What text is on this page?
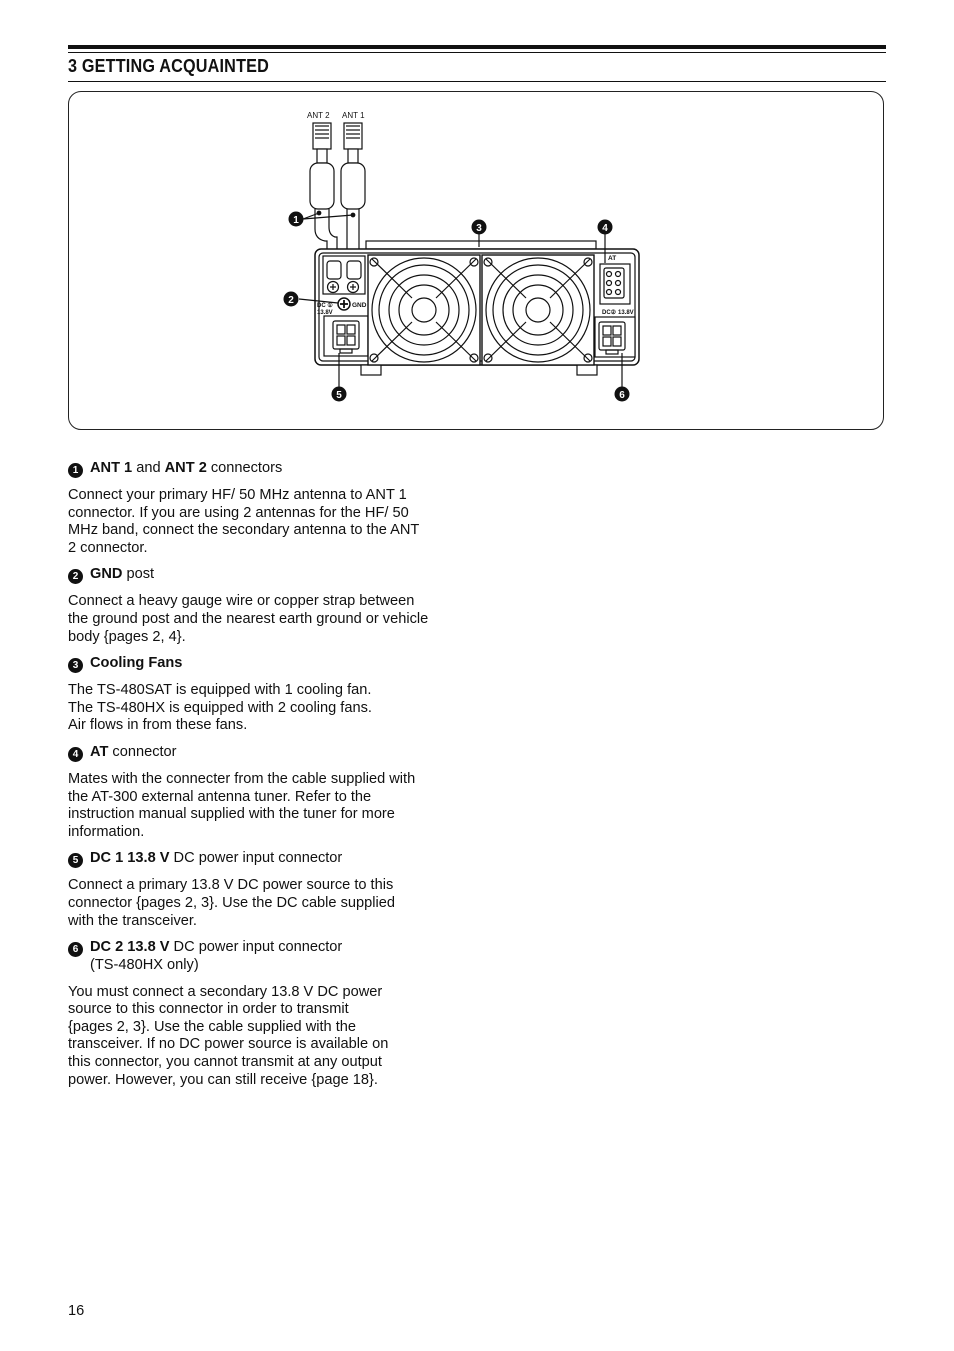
3 GETTING ACQUAINTED
ANT 2 ANT 1
1
GND
DC ①
13.8V
2
5
3
AT
4
DC② 13.8V
6
1 ANT 1 and ANT 2 connectors
Connect your primary HF/ 50 MHz antenna to ANT 1
connector. If you are using 2 antennas for the HF/ 50
MHz band, connect the secondary antenna to the ANT
2 connector.
2 GND post
Connect a heavy gauge wire or copper strap between
the ground post and the nearest earth ground or vehicle
body {pages 2, 4}.
3 Cooling Fans
The TS-480SAT is equipped with 1 cooling fan.
The TS-480HX is equipped with 2 cooling fans.
Air flows in from these fans.
4 AT connector
Mates with the connecter from the cable supplied with
the AT-300 external antenna tuner. Refer to the
instruction manual supplied with the tuner for more
information.
5 DC 1 13.8 V DC power input connector
Connect a primary 13.8 V DC power source to this
connector {pages 2, 3}. Use the DC cable supplied
with the transceiver.
6 DC 2 13.8 V DC power input connector
(TS-480HX only)
You must connect a secondary 13.8 V DC power
source to this connector in order to transmit
{pages 2, 3}. Use the cable supplied with the
transceiver. If no DC power source is available on
this connector, you cannot transmit at any output
power. However, you can still receive {page 18}.
16
